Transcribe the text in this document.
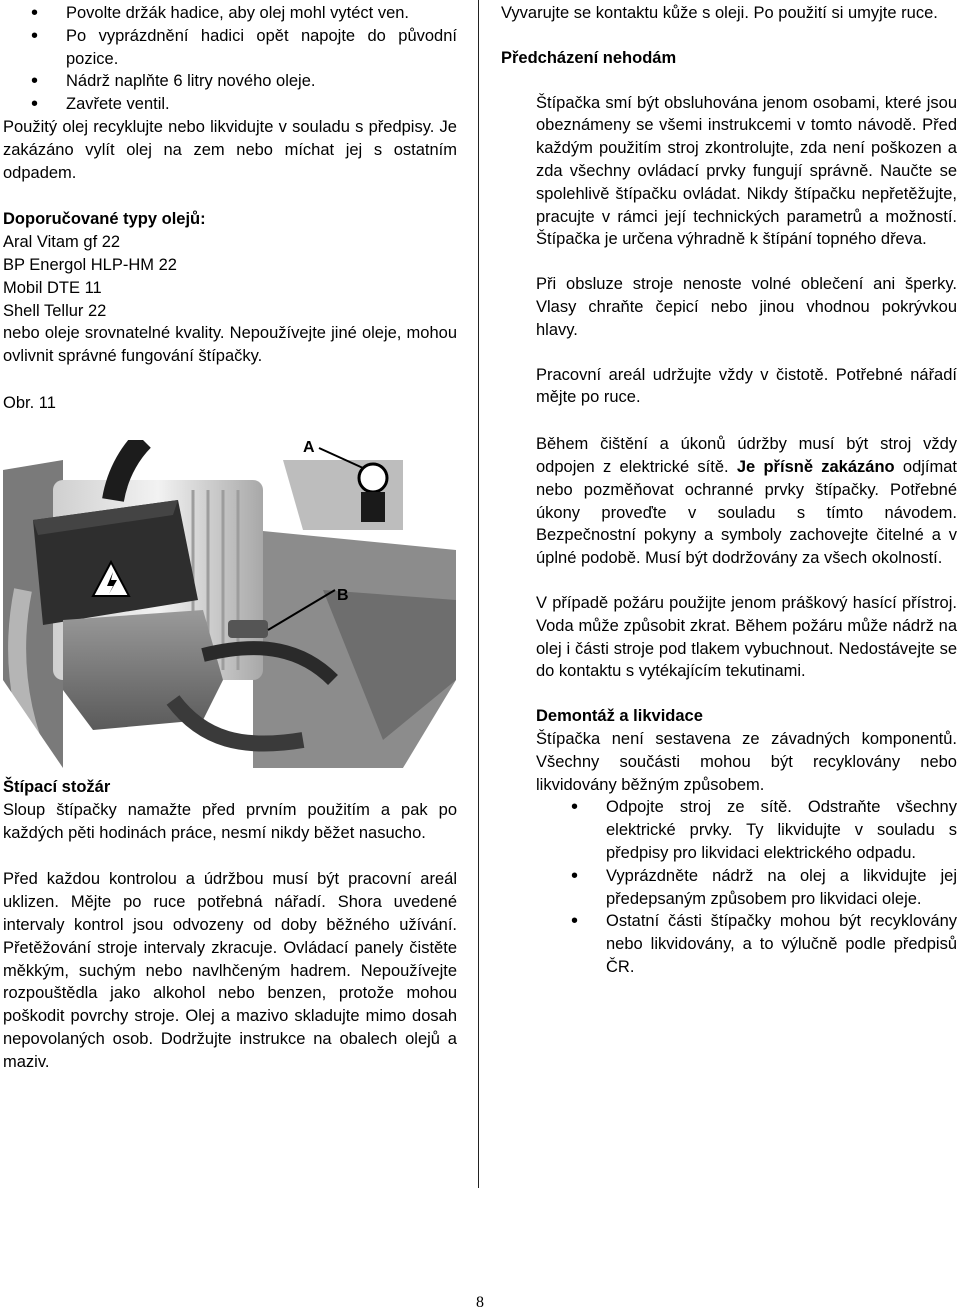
• Povolte držák hadice, aby olej mohl vytéct ven.
• Po vyprázdnění hadici opět napojte do původní pozice.
• Nádrž naplňte 6 litry nového oleje.
• Zavřete ventil.

Použitý olej recyklujte nebo likvidujte v souladu s předpisy. Je zakázáno vylít olej na zem nebo míchat jej s ostatním odpadem.

Doporučované typy olejů:

Aral Vitam gf 22
BP Energol HLP-HM 22
Mobil DTE 11
Shell Tellur 22

nebo oleje srovnatelné kvality. Nepoužívejte jiné oleje, mohou ovlivnit správné fungování štípačky.

Obr. 11

A
B

Štípací stožár

Sloup štípačky namažte před prvním použitím a pak po každých pěti hodinách práce, nesmí nikdy běžet nasucho.

Před každou kontrolou a údržbou musí být pracovní areál uklizen. Mějte po ruce potřebná nářadí. Shora uvedené intervaly kontrol jsou odvozeny od doby běžného užívání. Přetěžování stroje intervaly zkracuje. Ovládací panely čistěte měkkým, suchým nebo navlhčeným hadrem. Nepoužívejte rozpouštědla jako alkohol nebo benzen, protože mohou poškodit povrchy stroje. Olej a mazivo skladujte mimo dosah nepovolaných osob. Dodržujte instrukce na obalech olejů a maziv.

Vyvarujte se kontaktu kůže s oleji. Po použití si umyjte ruce.

Předcházení nehodám

Štípačka smí být obsluhována jenom osobami, které jsou obeznámeny se všemi instrukcemi v tomto návodě. Před každým použitím stroj zkontrolujte, zda není poškozen a zda všechny ovládací prvky fungují správně. Naučte se spolehlivě štípačku ovládat. Nikdy štípačku nepřetěžujte, pracujte v rámci její technických parametrů a možností. Štípačka je určena výhradně k štípání topného dřeva.

Při obsluze stroje nenoste volné oblečení ani šperky. Vlasy chraňte čepicí nebo jinou vhodnou pokrývkou hlavy.

Pracovní areál udržujte vždy v čistotě. Potřebné nářadí mějte po ruce.

Během čištění a úkonů údržby musí být stroj vždy odpojen z elektrické sítě. Je přísně zakázáno odjímat nebo pozměňovat ochranné prvky štípačky. Potřebné úkony proveďte v souladu s tímto návodem. Bezpečnostní pokyny a symboly zachovejte čitelné a v úplné podobě. Musí být dodržovány za všech okolností.

V případě požáru použijte jenom práškový hasící přístroj. Voda může způsobit zkrat. Během požáru může nádrž na olej i části stroje pod tlakem vybuchnout. Nedostávejte se do kontaktu s vytékajícím tekutinami.

Demontáž a likvidace

Štípačka není sestavena ze závadných komponentů. Všechny součásti mohou být recyklovány nebo likvidovány běžným způsobem.

• Odpojte stroj ze sítě. Odstraňte všechny elektrické prvky. Ty likvidujte v souladu s předpisy pro likvidaci elektrického odpadu.
• Vyprázdněte nádrž na olej a likvidujte jej předepsaným způsobem pro likvidaci oleje.
• Ostatní části štípačky mohou být recyklovány nebo likvidovány, a to výlučně podle předpisů ČR.
8
